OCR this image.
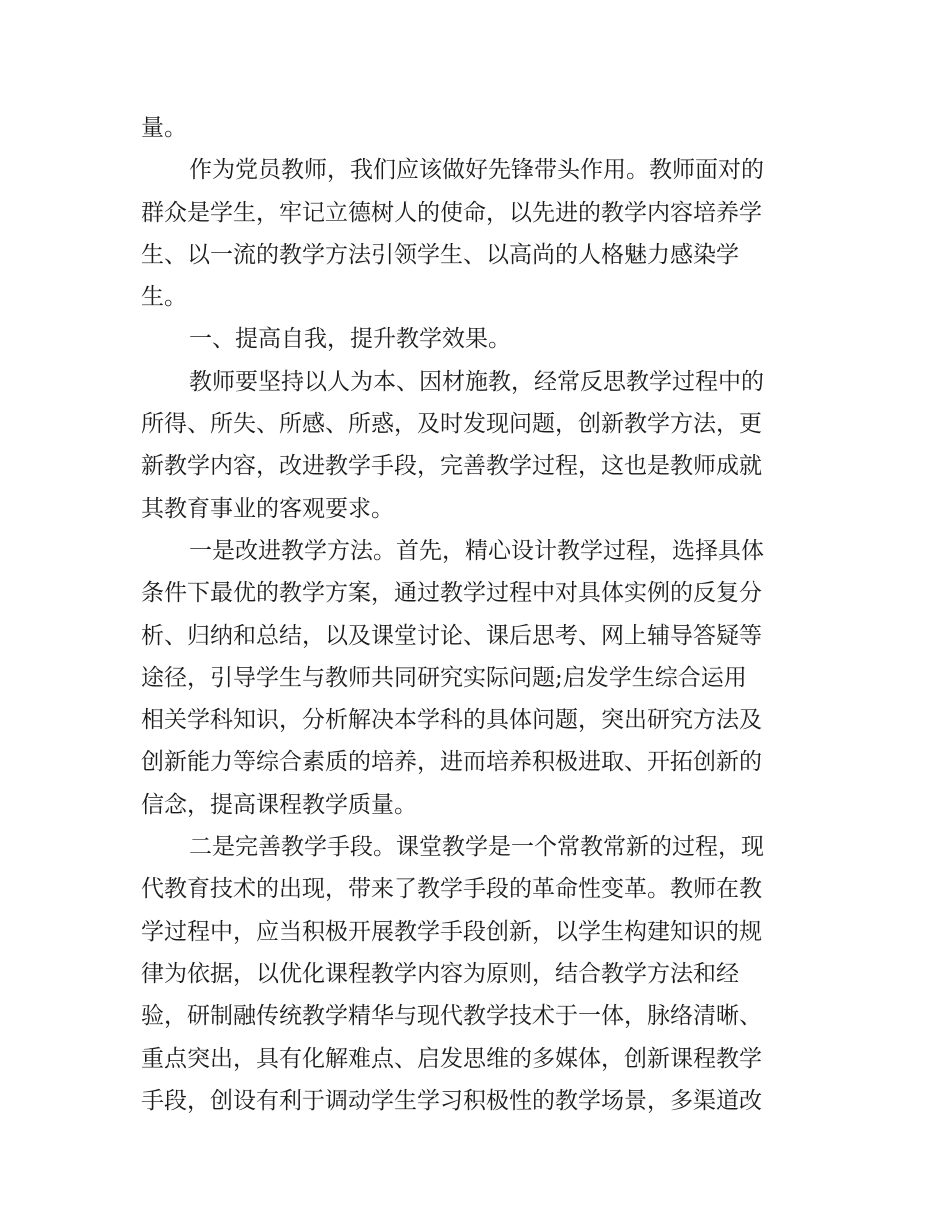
量。
作为党员教师，我们应该做好先锋带头作用。教师面对的
群众是学生，牢记立德树人的使命，以先进的教学内容培养学
生、以一流的教学方法引领学生、以高尚的人格魅力感染学
生。
一、提高自我，提升教学效果。
教师要坚持以人为本、因材施教，经常反思教学过程中的
所得、所失、所感、所惑，及时发现问题，创新教学方法，更
新教学内容，改进教学手段，完善教学过程，这也是教师成就
其教育事业的客观要求。
一是改进教学方法。首先，精心设计教学过程，选择具体
条件下最优的教学方案，通过教学过程中对具体实例的反复分
析、归纳和总结，以及课堂讨论、课后思考、网上辅导答疑等
途径，引导学生与教师共同研究实际问题;启发学生综合运用
相关学科知识，分析解决本学科的具体问题，突出研究方法及
创新能力等综合素质的培养，进而培养积极进取、开拓创新的
信念，提高课程教学质量。
二是完善教学手段。课堂教学是一个常教常新的过程，现
代教育技术的出现，带来了教学手段的革命性变革。教师在教
学过程中，应当积极开展教学手段创新，以学生构建知识的规
律为依据，以优化课程教学内容为原则，结合教学方法和经
验，研制融传统教学精华与现代教学技术于一体，脉络清晰、
重点突出，具有化解难点、启发思维的多媒体，创新课程教学
手段，创设有利于调动学生学习积极性的教学场景，多渠道改
